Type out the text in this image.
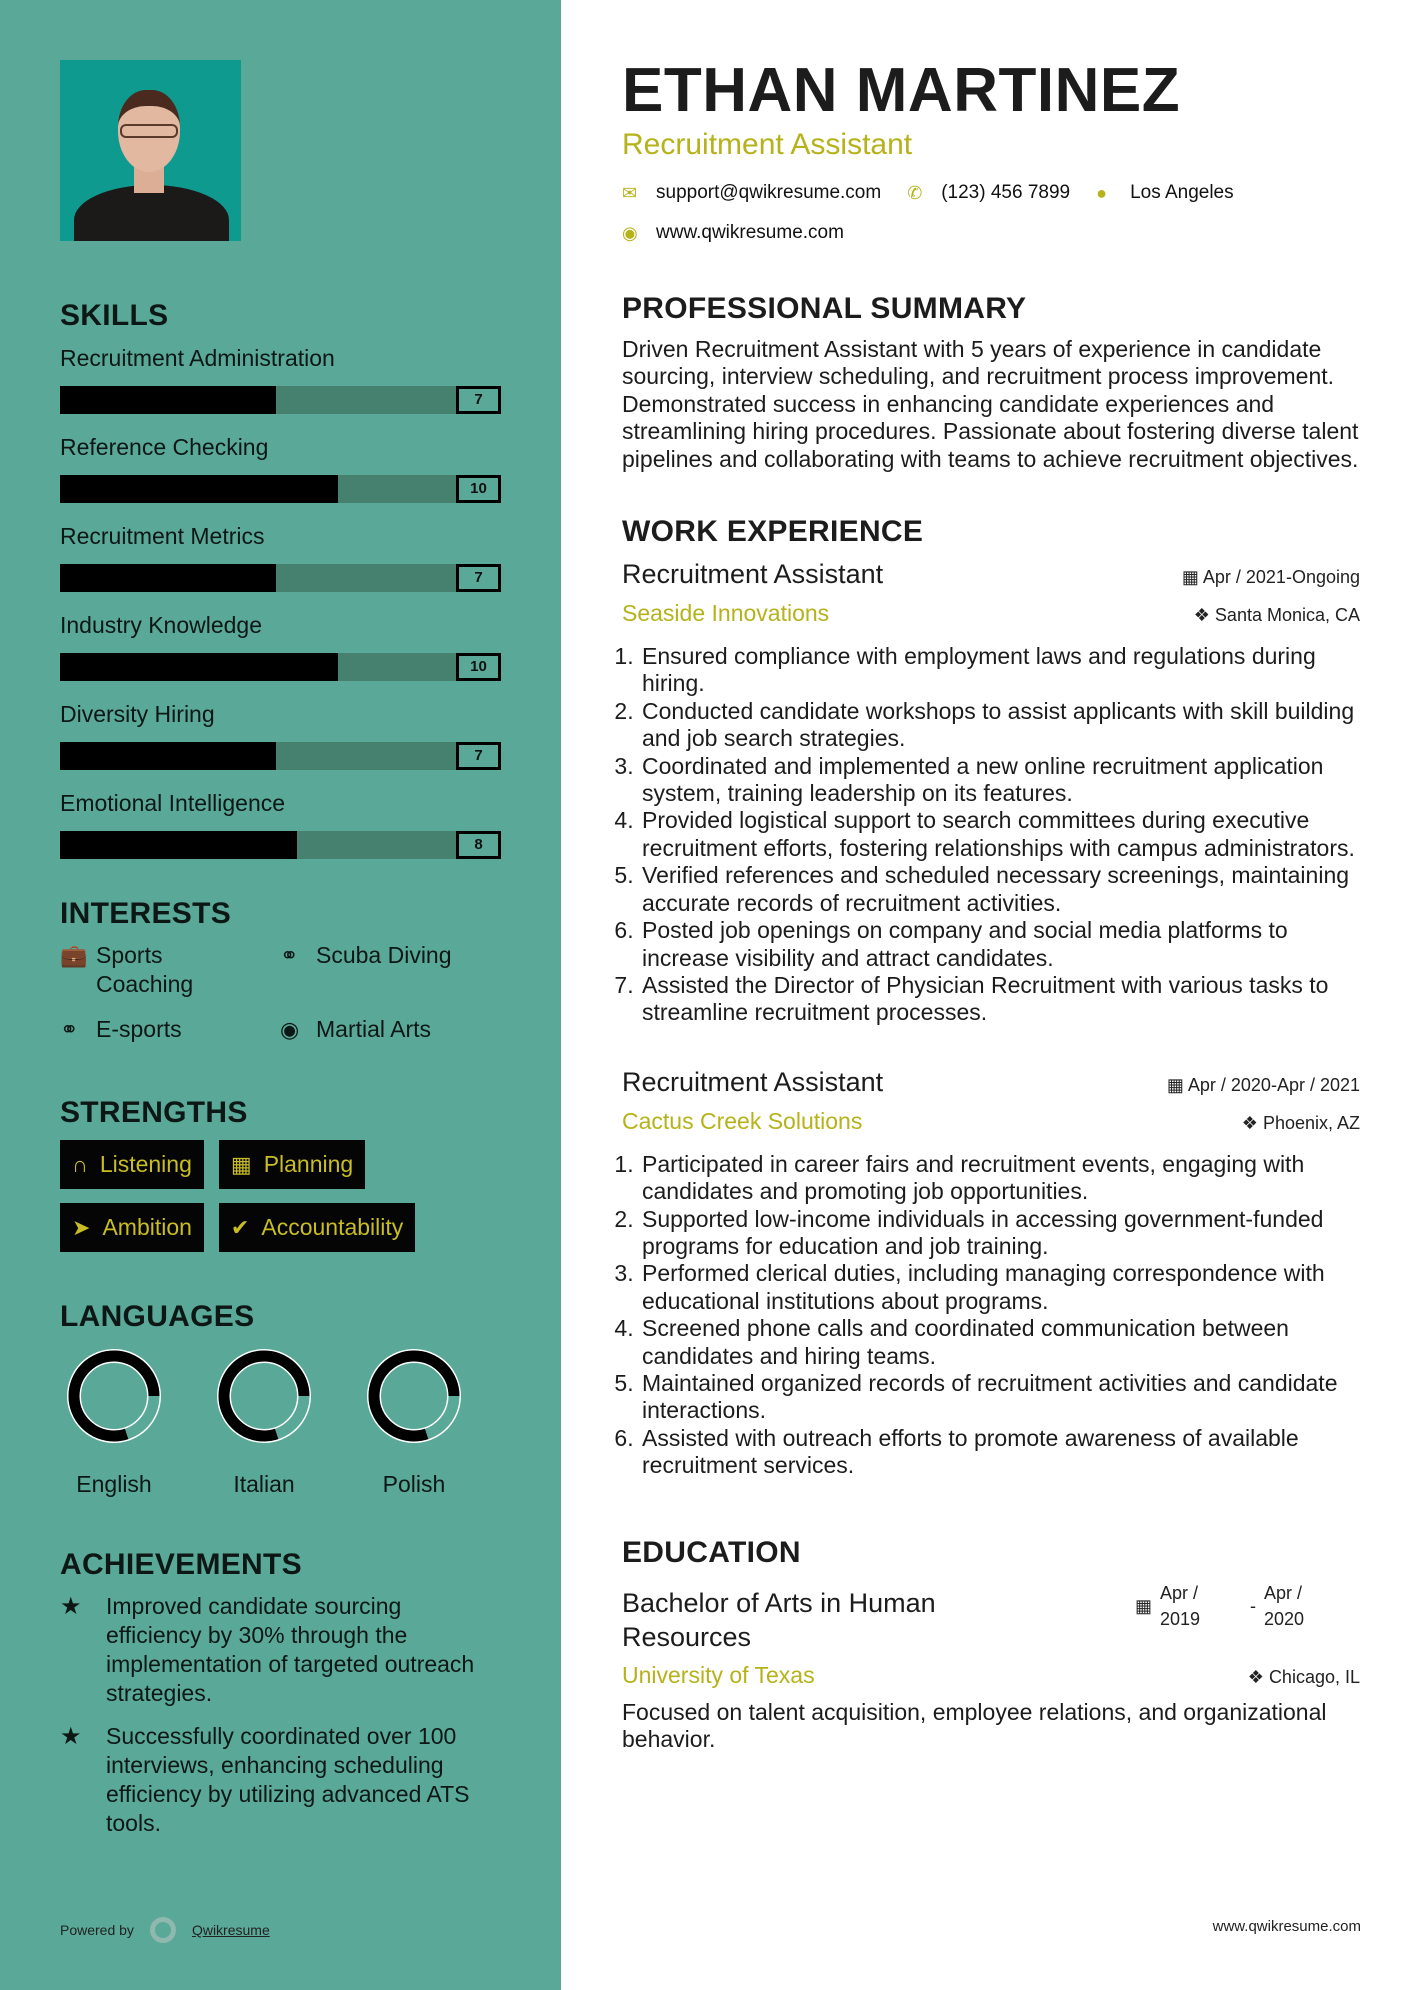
SKILLS
Recruitment Administration
7
Reference Checking
10
Recruitment Metrics
7
Industry Knowledge
10
Diversity Hiring
7
Emotional Intelligence
8
INTERESTS
💼 Sports Coaching
⚭ Scuba Diving
⚭ E-sports	◉ Martial Arts
STRENGTHS
∩ Listening ▦ Planning
➤ Ambition ✔ Accountability
LANGUAGES
English	Italian	Polish
ACHIEVEMENTS
★	Improved candidate sourcing efficiency by 30% through the implementation of targeted outreach strategies.
★	Successfully coordinated over 100 interviews, enhancing scheduling efficiency by utilizing advanced ATS tools.
Powered by	Qwikresume
ETHAN MARTINEZ
Recruitment Assistant
✉ support@qwikresume.com ✆ (123) 456 7899 ●	Los Angeles
◉ www.qwikresume.com
PROFESSIONAL SUMMARY

Driven Recruitment Assistant with 5 years of experience in candidate sourcing, interview scheduling, and recruitment process improvement. Demonstrated success in enhancing candidate experiences and streamlining hiring procedures. Passionate about fostering diverse talent pipelines and collaborating with teams to achieve recruitment objectives.

WORK EXPERIENCE
Recruitment Assistant	▦ Apr / 2021-Ongoing
Seaside Innovations	❖ Santa Monica, CA
1. Ensured compliance with employment laws and regulations during hiring.
2. Conducted candidate workshops to assist applicants with skill building and job search strategies.
3. Coordinated and implemented a new online recruitment application system, training leadership on its features.
4. Provided logistical support to search committees during executive recruitment efforts, fostering relationships with campus administrators.
5. Verified references and scheduled necessary screenings, maintaining accurate records of recruitment activities.
6. Posted job openings on company and social media platforms to increase visibility and attract candidates.
7. Assisted the Director of Physician Recruitment with various tasks to streamline recruitment processes.
Recruitment Assistant	▦ Apr / 2020-Apr / 2021
Cactus Creek Solutions	❖ Phoenix, AZ
1. Participated in career fairs and recruitment events, engaging with candidates and promoting job opportunities.
2. Supported low-income individuals in accessing government-funded programs for education and job training.
3. Performed clerical duties, including managing correspondence with educational institutions about programs.
4. Screened phone calls and coordinated communication between candidates and hiring teams.
5. Maintained organized records of recruitment activities and candidate interactions.
6. Assisted with outreach efforts to promote awareness of available recruitment services.
EDUCATION
Bachelor of Arts in Human Resources
▦
Apr / 2019
-
Apr / 2020
University of Texas	❖ Chicago, IL

Focused on talent acquisition, employee relations, and organizational behavior.

www.qwikresume.com
